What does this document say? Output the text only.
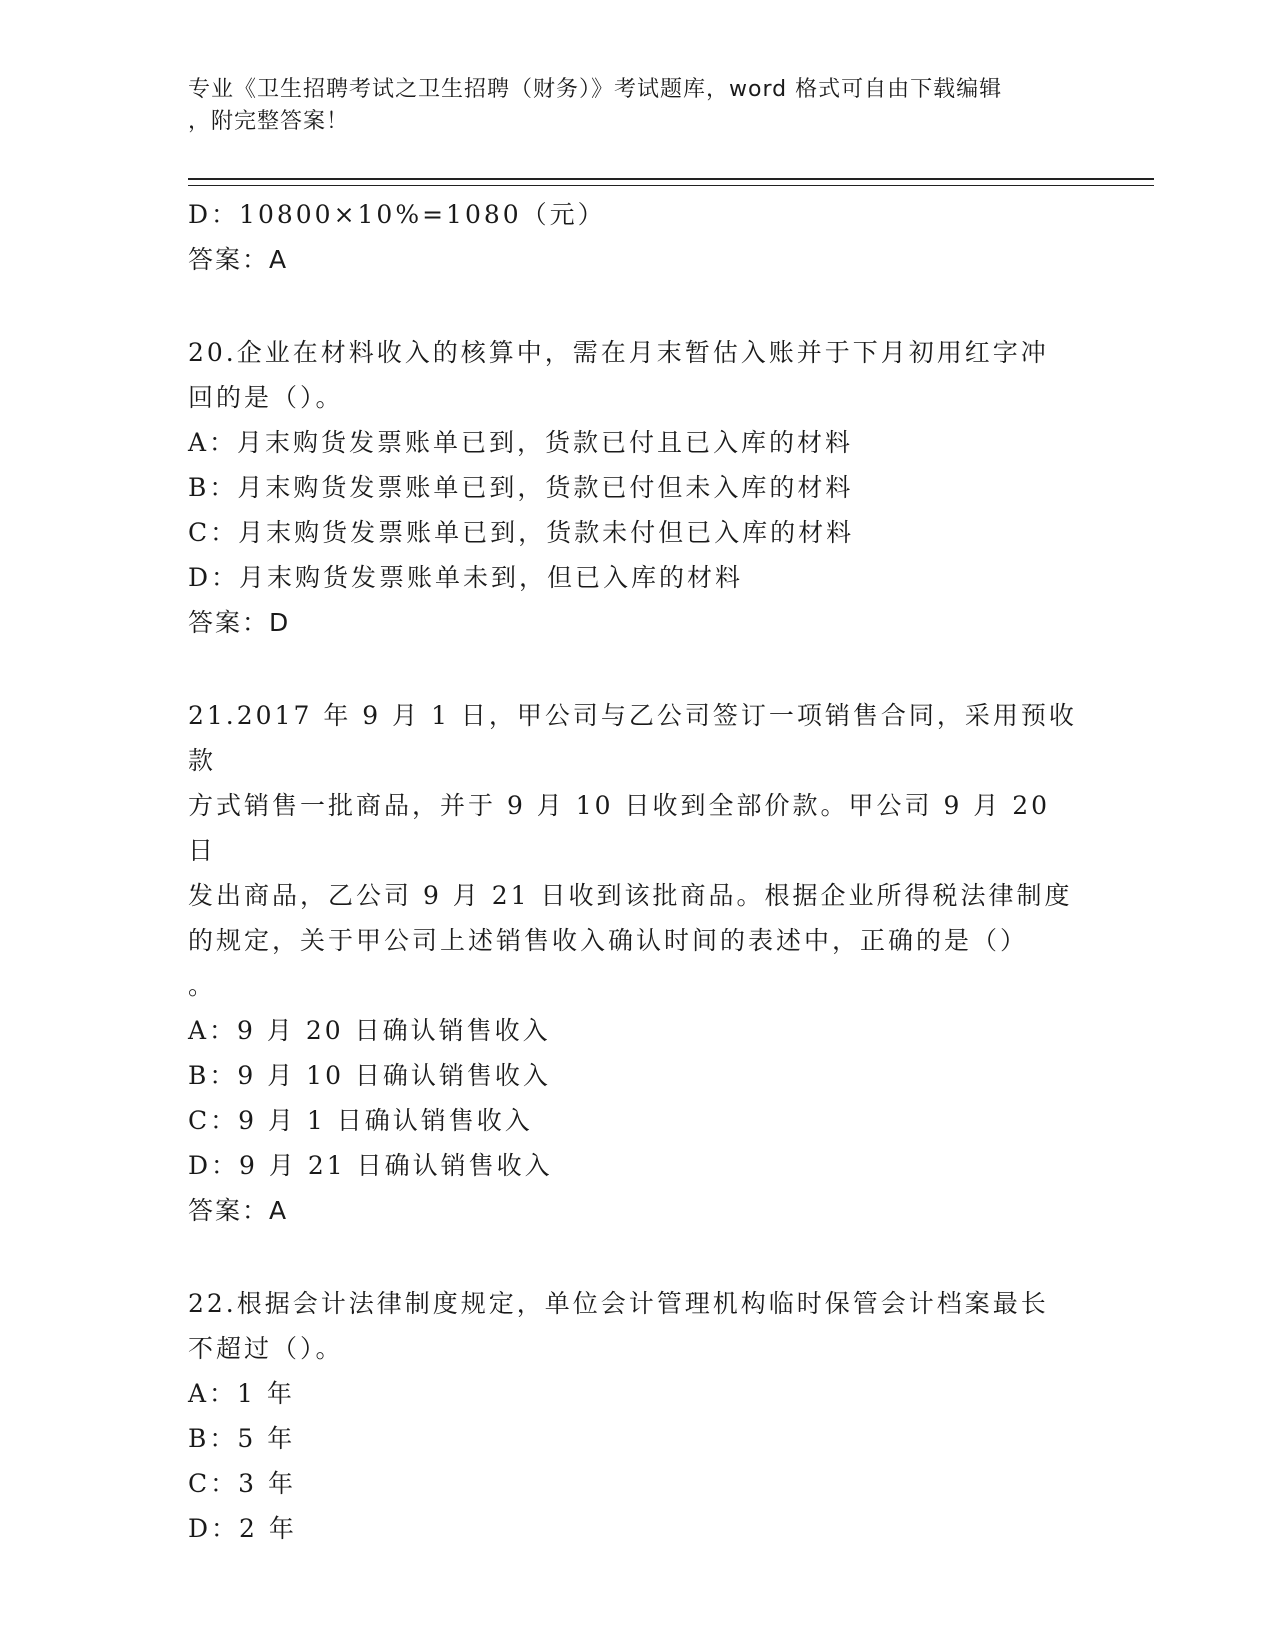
专业《卫生招聘考试之卫生招聘（财务）》考试题库，word 格式可自由下载编辑
，附完整答案！

D：10800×10%=1080（元）

答案：A

20.企业在材料收入的核算中，需在月末暂估入账并于下月初用红字冲

回的是（）。

A：月末购货发票账单已到，货款已付且已入库的材料

B：月末购货发票账单已到，货款已付但未入库的材料

C：月末购货发票账单已到，货款未付但已入库的材料

D：月末购货发票账单未到，但已入库的材料

答案：D

21.2017 年 9 月 1 日，甲公司与乙公司签订一项销售合同，采用预收款

方式销售一批商品，并于 9 月 10 日收到全部价款。甲公司 9 月 20 日

发出商品，乙公司 9 月 21 日收到该批商品。根据企业所得税法律制度

的规定，关于甲公司上述销售收入确认时间的表述中，正确的是（）

。

A：9 月 20 日确认销售收入

B：9 月 10 日确认销售收入

C：9 月 1 日确认销售收入

D：9 月 21 日确认销售收入

答案：A

22.根据会计法律制度规定，单位会计管理机构临时保管会计档案最长

不超过（）。

A：1 年

B：5 年

C：3 年

D：2 年
